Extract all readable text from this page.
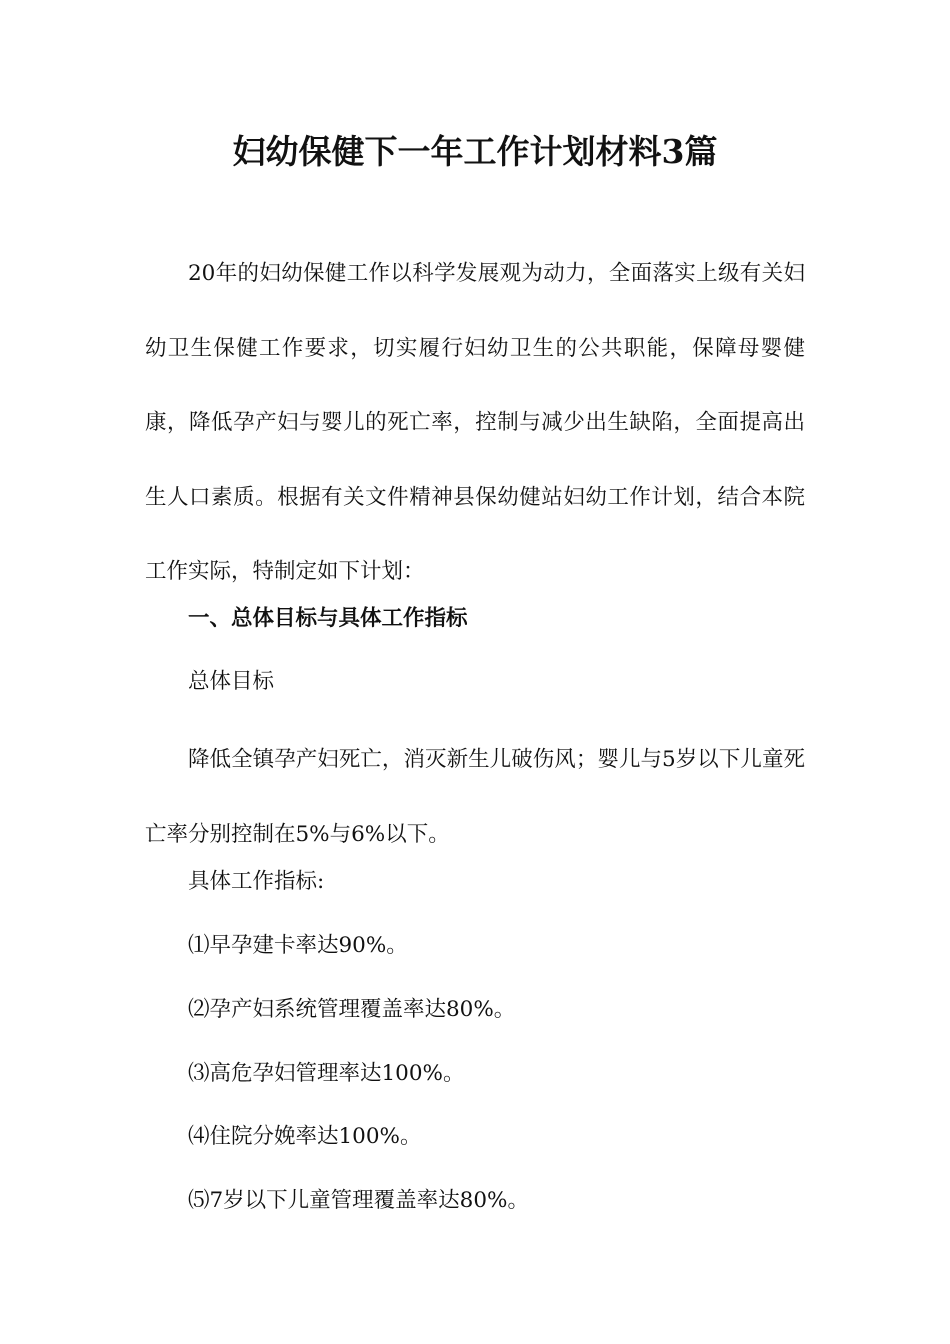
妇幼保健下一年工作计划材料3篇

20年的妇幼保健工作以科学发展观为动力，全面落实上级有关妇幼卫生保健工作要求，切实履行妇幼卫生的公共职能，保障母婴健康，降低孕产妇与婴儿的死亡率，控制与减少出生缺陷，全面提高出生人口素质。根据有关文件精神县保幼健站妇幼工作计划，结合本院工作实际，特制定如下计划：

一、总体目标与具体工作指标

总体目标

降低全镇孕产妇死亡，消灭新生儿破伤风；婴儿与5岁以下儿童死亡率分别控制在5%与6%以下。

具体工作指标:

⑴早孕建卡率达90%。

⑵孕产妇系统管理覆盖率达80%。

⑶高危孕妇管理率达100%。

⑷住院分娩率达100%。

⑸7岁以下儿童管理覆盖率达80%。
